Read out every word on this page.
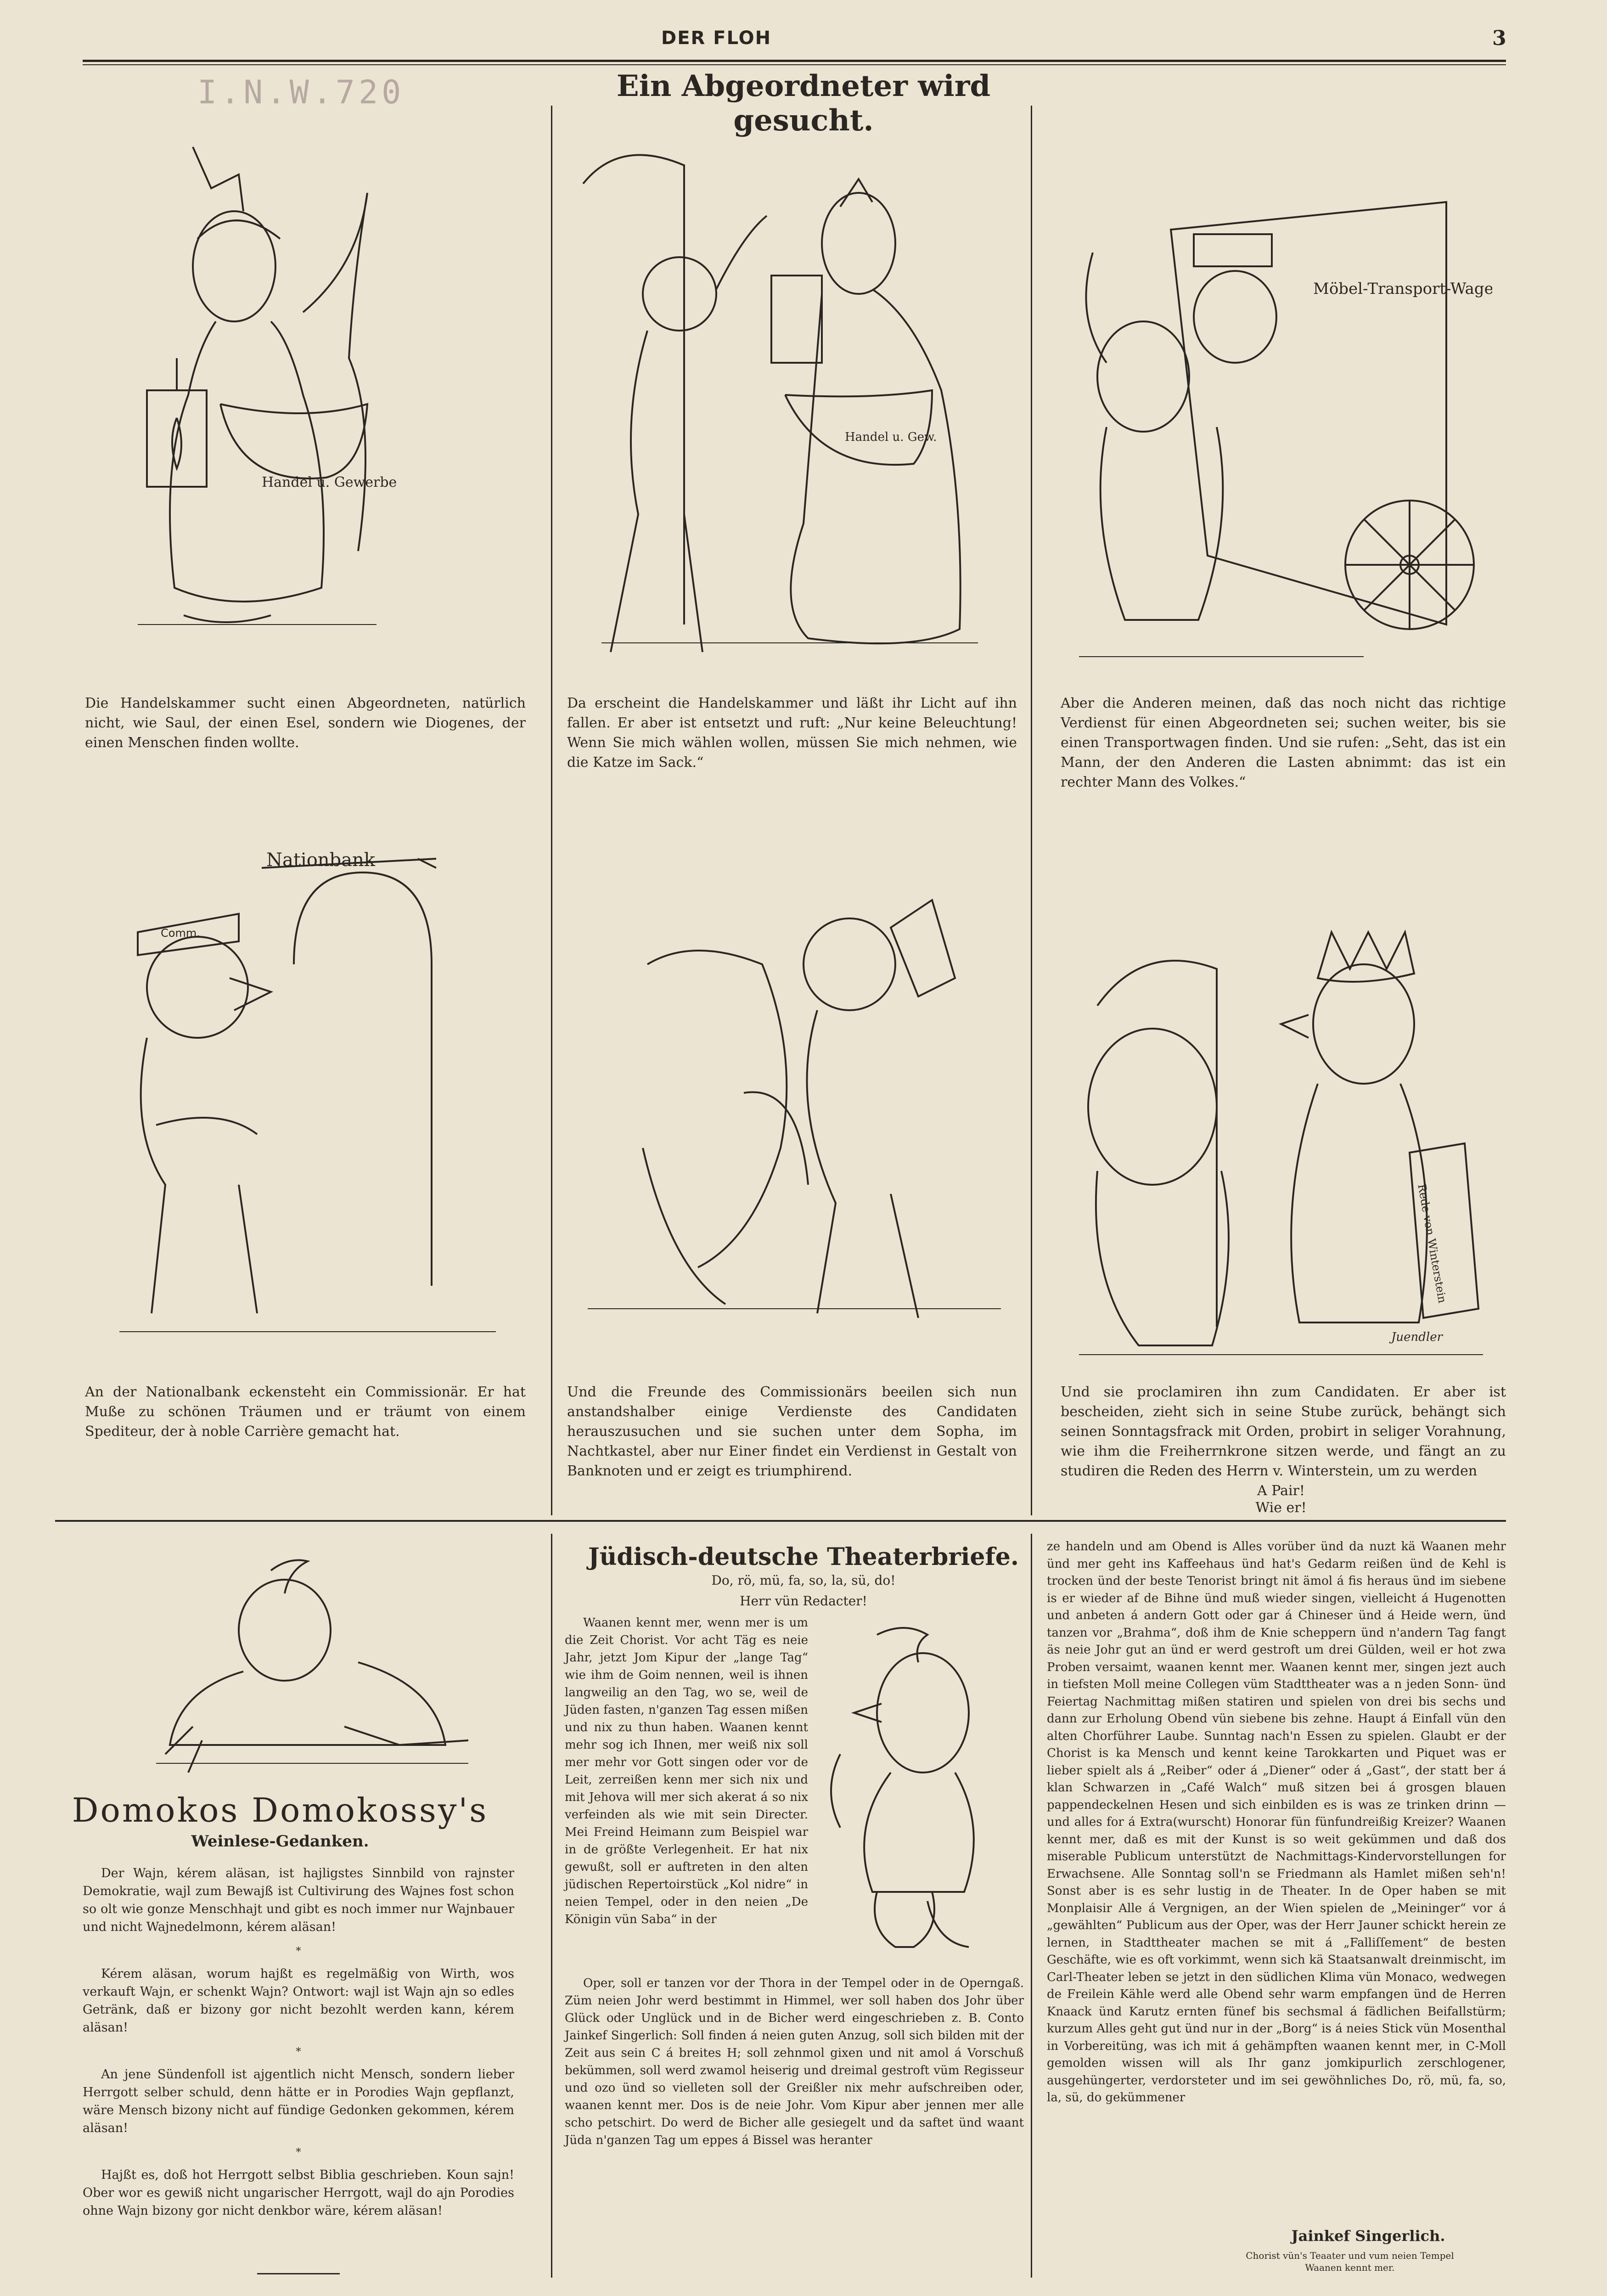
DER FLOH	3
I.N.W.720	Ein Abgeordneter wird gesucht.
Handel u. Gewerbe

Die Handelskammer sucht einen Abgeordneten, natürlich nicht, wie Saul, der einen Esel, sondern wie Diogenes, der einen Menschen finden wollte.

Handel u. Gew.

Da erscheint die Handelskammer und läßt ihr Licht auf ihn fallen. Er aber ist entsetzt und ruft: „Nur keine Beleuchtung! Wenn Sie mich wählen wollen, müssen Sie mich nehmen, wie die Katze im Sack.“

Möbel-Transport-Wagen

Aber die Anderen meinen, daß das noch nicht das richtige Verdienst für einen Abgeordneten sei; suchen weiter, bis sie einen Transportwagen finden. Und sie rufen: „Seht, das ist ein Mann, der den Anderen die Lasten abnimmt: das ist ein rechter Mann des Volkes.“

Nationbank
Comm.

An der Nationalbank eckensteht ein Commissionär. Er hat Muße zu schönen Träumen und er träumt von einem Spediteur, der à noble Carrière gemacht hat.

Und die Freunde des Commissionärs beeilen sich nun anstandshalber einige Verdienste des Candidaten herauszusuchen und sie suchen unter dem Sopha, im Nachtkastel, aber nur Einer findet ein Verdienst in Gestalt von Banknoten und er zeigt es triumphirend.

Rede von Winterstein
Juendler

Und sie proclamiren ihn zum Candidaten. Er aber ist bescheiden, zieht sich in seine Stube zurück, behängt sich seinen Sonntagsfrack mit Orden, probirt in seliger Vorahnung, wie ihm die Freiherrnkrone sitzen werde, und fängt an zu studiren die Reden des Herrn v. Winterstein, um zu werden

A Pair!

Wie er!

Domokos Domokossy's
Weinlese-Gedanken.

Der Wajn, kérem aläsan, ist hajligstes Sinnbild von rajnster Demokratie, wajl zum Bewajß ist Cultivirung des Wajnes fost schon so olt wie gonze Menschhajt und gibt es noch immer nur Wajnbauer und nicht Wajnedelmonn, kérem aläsan!

*

Kérem aläsan, worum hajßt es regelmäßig von Wirth, wos verkauft Wajn, er schenkt Wajn? Ontwort: wajl ist Wajn ajn so edles Getränk, daß er bizony gor nicht bezohlt werden kann, kérem aläsan!

*

An jene Sündenfoll ist ajgentlich nicht Mensch, sondern lieber Herrgott selber schuld, denn hätte er in Porodies Wajn gepflanzt, wäre Mensch bizony nicht auf fündige Gedonken gekommen, kérem aläsan!

*

Hajßt es, doß hot Herrgott selbst Biblia geschrieben. Koun sajn! Ober wor es gewiß nicht ungarischer Herrgott, wajl do ajn Porodies ohne Wajn bizony gor nicht denkbor wäre, kérem aläsan!

Jüdisch-deutsche Theaterbriefe.
Do, rö, mü, fa, so, la, sü, do!
Herr vün Redacter!

Waanen kennt mer, wenn mer is um die Zeit Chorist. Vor acht Täg es neie Jahr, jetzt Jom Kipur der „lange Tag“ wie ihm de Goim nennen, weil is ihnen langweilig an den Tag, wo se, weil de Jüden fasten, n'ganzen Tag essen mißen und nix zu thun haben. Waanen kennt mehr sog ich Ihnen, mer weiß nix soll mer mehr vor Gott singen oder vor de Leit, zerreißen kenn mer sich nix und mit Jehova will mer sich akerat á so nix verfeinden als wie mit sein Directer. Mei Freind Heimann zum Beispiel war in de größte Verlegenheit. Er hat nix gewußt, soll er auftreten in den alten jüdischen Repertoirstück „Kol nidre“ in neien Tempel, oder in den neien „De Königin vün Saba“ in der

Oper, soll er tanzen vor der Thora in der Tempel oder in de Operngaß. Züm neien Johr werd bestimmt in Himmel, wer soll haben dos Johr über Glück oder Unglück und in de Bicher werd eingeschrieben z. B. Conto Jainkef Singerlich: Soll finden á neien guten Anzug, soll sich bilden mit der Zeit aus sein C á breites H; soll zehnmol gixen und nit amol á Vorschuß bekümmen, soll werd zwamol heiserig und dreimal gestroft vüm Regisseur und ozo ünd so vielleten soll der Greißler nix mehr aufschreiben oder, waanen kennt mer. Dos is de neie Johr. Vom Kipur aber jennen mer alle scho petschirt. Do werd de Bicher alle gesiegelt und da saftet ünd waant Jüda n'ganzen Tag um eppes á Bissel was heranter

ze handeln und am Obend is Alles vorüber ünd da nuzt kä Waanen mehr ünd mer geht ins Kaffeehaus ünd hat's Gedarm reißen ünd de Kehl is trocken ünd der beste Tenorist bringt nit ämol á fis heraus ünd im siebene is er wieder af de Bihne ünd muß wieder singen, vielleicht á Hugenotten und anbeten á andern Gott oder gar á Chineser ünd á Heide wern, ünd tanzen vor „Brahma“, doß ihm de Knie scheppern ünd n'andern Tag fangt äs neie Johr gut an ünd er werd gestroft um drei Gülden, weil er hot zwa Proben versaimt, waanen kennt mer. Waanen kennt mer, singen jezt auch in tiefsten Moll meine Collegen vüm Stadttheater was a n jeden Sonn- ünd Feiertag Nachmittag mißen statiren und spielen von drei bis sechs und dann zur Erholung Obend vün siebene bis zehne. Haupt á Einfall vün den alten Chorführer Laube. Sunntag nach'n Essen zu spielen. Glaubt er der Chorist is ka Mensch und kennt keine Tarokkarten und Piquet was er lieber spielt als á „Reiber“ oder á „Diener“ oder á „Gast“, der statt ber á klan Schwarzen in „Café Walch“ muß sitzen bei á grosgen blauen pappendeckelnen Hesen und sich einbilden es is was ze trinken drinn — und alles for á Extra(wurscht) Honorar fün fünfundreißig Kreizer? Waanen kennt mer, daß es mit der Kunst is so weit gekümmen und daß dos miserable Publicum unterstützt de Nachmittags-Kindervorstellungen for Erwachsene. Alle Sonntag soll'n se Friedmann als Hamlet mißen seh'n! Sonst aber is es sehr lustig in de Theater. In de Oper haben se mit Monplaisir Alle á Vergnigen, an der Wien spielen de „Meininger“ vor á „gewählten“ Publicum aus der Oper, was der Herr Jauner schickt herein ze lernen, in Stadttheater machen se mit á „Falliſſement“ de besten Geschäfte, wie es oft vorkimmt, wenn sich kä Staatsanwalt dreinmischt, im Carl-Theater leben se jetzt in den südlichen Klima vün Monaco, wedwegen de Freilein Kähle werd alle Obend sehr warm empfangen ünd de Herren Knaack ünd Karutz ernten fünef bis sechsmal á fädlichen Beifallstürm; kurzum Alles geht gut ünd nur in der „Borg“ is á neies Stick vün Mosenthal in Vorbereitüng, was ich mit á gehämpften waanen kennt mer, in C-Moll gemolden wissen will als Ihr ganz jomkipurlich zerschlogener, ausgehüngerter, verdorsteter und im sei gewöhnliches Do, rö, mü, fa, so, la, sü, do gekümmener

Jainkef Singerlich.
Chorist vün's Teaater und vum neien Tempel
Waanen kennt mer.
